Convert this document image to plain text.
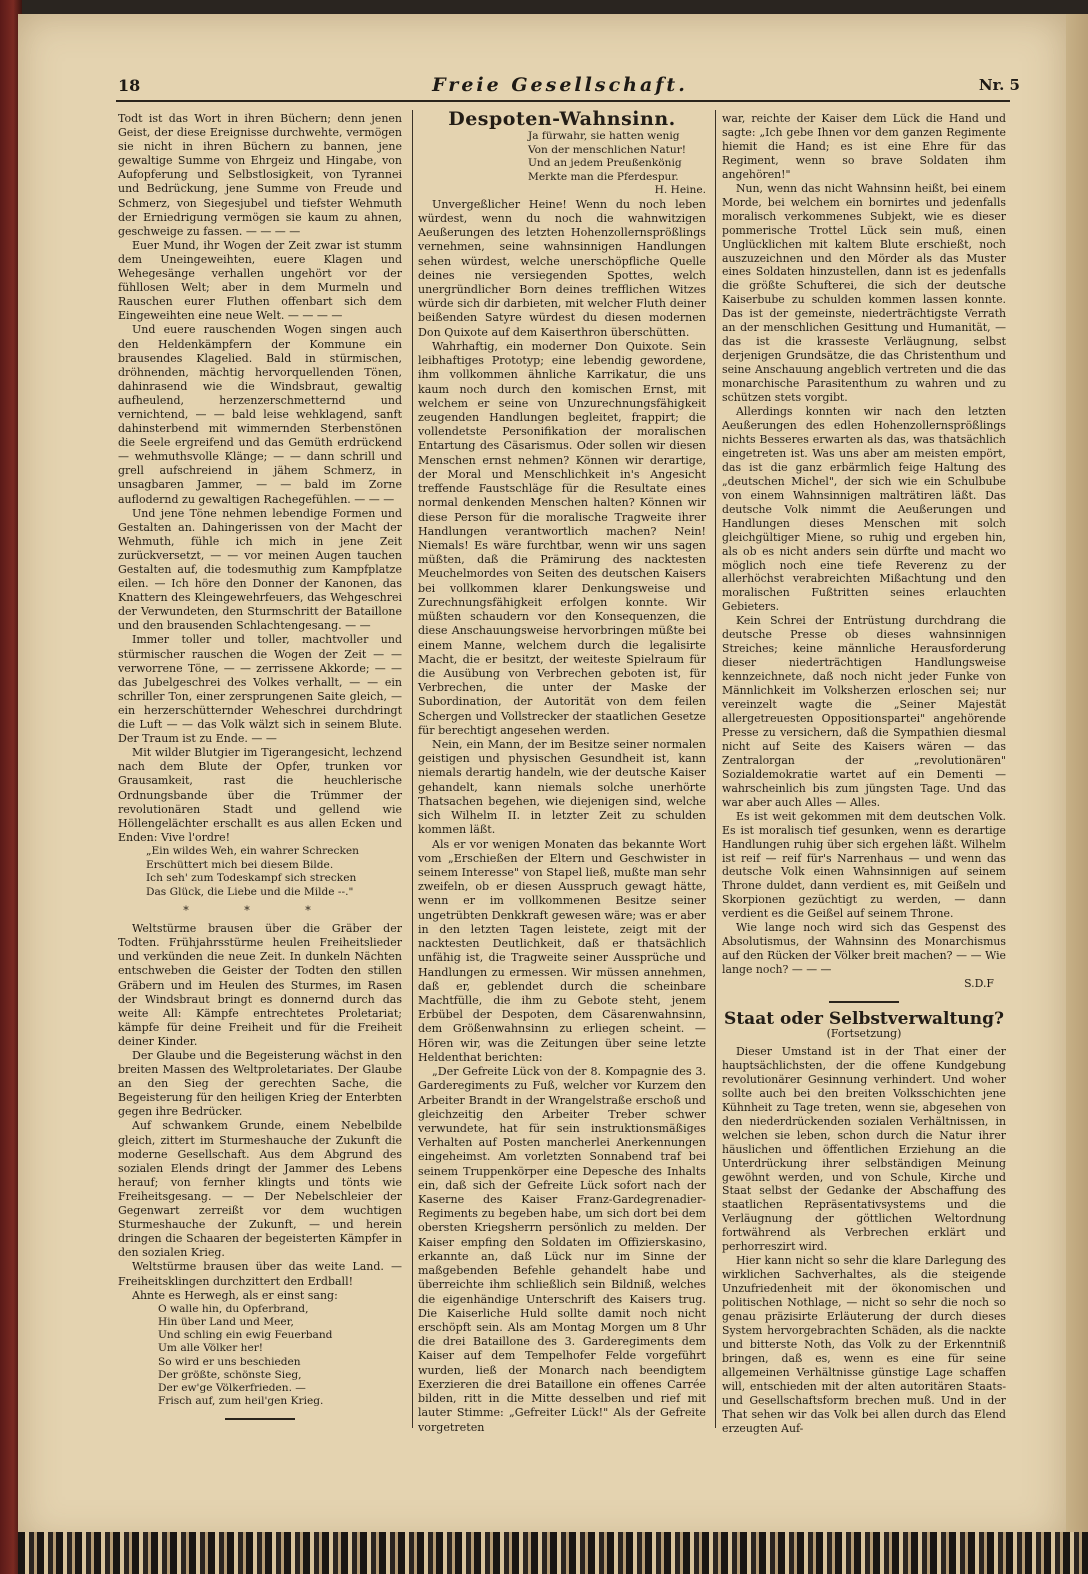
18	Freie Gesellschaft.	Nr. 5

Todt ist das Wort in ihren Büchern; denn jenen Geist, der diese Ereignisse durchwehte, vermögen sie nicht in ihren Büchern zu bannen, jene gewaltige Summe von Ehrgeiz und Hingabe, von Aufopferung und Selbstlosigkeit, von Tyrannei und Bedrückung, jene Summe von Freude und Schmerz, von Siegesjubel und tiefster Wehmuth der Erniedrigung vermögen sie kaum zu ahnen, geschweige zu fassen. — — — —

Euer Mund, ihr Wogen der Zeit zwar ist stumm dem Uneingeweihten, euere Klagen und Wehegesänge verhallen ungehört vor der fühllosen Welt; aber in dem Murmeln und Rauschen eurer Fluthen offenbart sich dem Eingeweihten eine neue Welt. — — — —

Und euere rauschenden Wogen singen auch den Heldenkämpfern der Kommune ein brausendes Klagelied. Bald in stürmischen, dröhnenden, mächtig hervorquellenden Tönen, dahinrasend wie die Windsbraut, gewaltig aufheulend, herzenzerschmetternd und vernichtend, — — bald leise wehklagend, sanft dahinsterbend mit wimmernden Sterbenstönen die Seele ergreifend und das Gemüth erdrückend — wehmuthsvolle Klänge; — — dann schrill und grell aufschreiend in jähem Schmerz, in unsagbaren Jammer, — — bald im Zorne auflodernd zu gewaltigen Rachegefühlen. — — —

Und jene Töne nehmen lebendige Formen und Gestalten an. Dahingerissen von der Macht der Wehmuth, fühle ich mich in jene Zeit zurückversetzt, — — vor meinen Augen tauchen Gestalten auf, die todesmuthig zum Kampfplatze eilen. — Ich höre den Donner der Kanonen, das Knattern des Kleingewehrfeuers, das Wehgeschrei der Verwundeten, den Sturmschritt der Bataillone und den brausenden Schlachtengesang. — —

Immer toller und toller, machtvoller und stürmischer rauschen die Wogen der Zeit — — verworrene Töne, — — zerrissene Akkorde; — — das Jubelgeschrei des Volkes verhallt, — — ein schriller Ton, einer zersprungenen Saite gleich, — ein herzerschütternder Weheschrei durchdringt die Luft — — das Volk wälzt sich in seinem Blute. Der Traum ist zu Ende. — —

Mit wilder Blutgier im Tigerangesicht, lechzend nach dem Blute der Opfer, trunken vor Grausamkeit, rast die heuchlerische Ordnungsbande über die Trümmer der revolutionären Stadt und gellend wie Höllengelächter erschallt es aus allen Ecken und Enden: Vive l'ordre!

„Ein wildes Weh, ein wahrer Schrecken
Erschüttert mich bei diesem Bilde.
Ich seh' zum Todeskampf sich strecken
Das Glück, die Liebe und die Milde --."
* * *

Weltstürme brausen über die Gräber der Todten. Frühjahrsstürme heulen Freiheitslieder und verkünden die neue Zeit. In dunkeln Nächten entschweben die Geister der Todten den stillen Gräbern und im Heulen des Sturmes, im Rasen der Windsbraut bringt es donnernd durch das weite All: Kämpfe entrechtetes Proletariat; kämpfe für deine Freiheit und für die Freiheit deiner Kinder.

Der Glaube und die Begeisterung wächst in den breiten Massen des Weltproletariates. Der Glaube an den Sieg der gerechten Sache, die Begeisterung für den heiligen Krieg der Enterbten gegen ihre Bedrücker.

Auf schwankem Grunde, einem Nebelbilde gleich, zittert im Sturmeshauche der Zukunft die moderne Gesellschaft. Aus dem Abgrund des sozialen Elends dringt der Jammer des Lebens herauf; von fernher klingts und tönts wie Freiheitsgesang. — — Der Nebelschleier der Gegenwart zerreißt vor dem wuchtigen Sturmeshauche der Zukunft, — und herein dringen die Schaaren der begeisterten Kämpfer in den sozialen Krieg.

Weltstürme brausen über das weite Land. — Freiheitsklingen durchzittert den Erdball!

Ahnte es Herwegh, als er einst sang:

O walle hin, du Opferbrand,
Hin über Land und Meer,
Und schling ein ewig Feuerband
Um alle Völker her!
So wird er uns beschieden
Der größte, schönste Sieg,
Der ew'ge Völkerfrieden. —
Frisch auf, zum heil'gen Krieg.
Despoten-Wahnsinn.
Ja fürwahr, sie hatten wenig
Von der menschlichen Natur!
Und an jedem Preußenkönig
Merkte man die Pferdespur.
H. Heine.

Unvergeßlicher Heine! Wenn du noch leben würdest, wenn du noch die wahnwitzigen Aeußerungen des letzten Hohenzollernsprößlings vernehmen, seine wahnsinnigen Handlungen sehen würdest, welche unerschöpfliche Quelle deines nie versiegenden Spottes, welch unergründlicher Born deines trefflichen Witzes würde sich dir darbieten, mit welcher Fluth deiner beißenden Satyre würdest du diesen modernen Don Quixote auf dem Kaiserthron überschütten.

Wahrhaftig, ein moderner Don Quixote. Sein leibhaftiges Prototyp; eine lebendig gewordene, ihm vollkommen ähnliche Karrikatur, die uns kaum noch durch den komischen Ernst, mit welchem er seine von Unzurechnungsfähigkeit zeugenden Handlungen begleitet, frappirt; die vollendetste Personifikation der moralischen Entartung des Cäsarismus. Oder sollen wir diesen Menschen ernst nehmen? Können wir derartige, der Moral und Menschlichkeit in's Angesicht treffende Faustschläge für die Resultate eines normal denkenden Menschen halten? Können wir diese Person für die moralische Tragweite ihrer Handlungen verantwortlich machen? Nein! Niemals! Es wäre furchtbar, wenn wir uns sagen müßten, daß die Prämirung des nacktesten Meuchelmordes von Seiten des deutschen Kaisers bei vollkommen klarer Denkungsweise und Zurechnungsfähigkeit erfolgen konnte. Wir müßten schaudern vor den Konsequenzen, die diese Anschauungsweise hervorbringen müßte bei einem Manne, welchem durch die legalisirte Macht, die er besitzt, der weiteste Spielraum für die Ausübung von Verbrechen geboten ist, für Verbrechen, die unter der Maske der Subordination, der Autorität von dem feilen Schergen und Vollstrecker der staatlichen Gesetze für berechtigt angesehen werden.

Nein, ein Mann, der im Besitze seiner normalen geistigen und physischen Gesundheit ist, kann niemals derartig handeln, wie der deutsche Kaiser gehandelt, kann niemals solche unerhörte Thatsachen begehen, wie diejenigen sind, welche sich Wilhelm II. in letzter Zeit zu schulden kommen läßt.

Als er vor wenigen Monaten das bekannte Wort vom „Erschießen der Eltern und Geschwister in seinem Interesse" von Stapel ließ, mußte man sehr zweifeln, ob er diesen Ausspruch gewagt hätte, wenn er im vollkommenen Besitze seiner ungetrübten Denkkraft gewesen wäre; was er aber in den letzten Tagen leistete, zeigt mit der nacktesten Deutlichkeit, daß er thatsächlich unfähig ist, die Tragweite seiner Aussprüche und Handlungen zu ermessen. Wir müssen annehmen, daß er, geblendet durch die scheinbare Machtfülle, die ihm zu Gebote steht, jenem Erbübel der Despoten, dem Cäsarenwahnsinn, dem Größenwahnsinn zu erliegen scheint. — Hören wir, was die Zeitungen über seine letzte Heldenthat berichten:

„Der Gefreite Lück von der 8. Kompagnie des 3. Garderegiments zu Fuß, welcher vor Kurzem den Arbeiter Brandt in der Wrangelstraße erschoß und gleichzeitig den Arbeiter Treber schwer verwundete, hat für sein instruktionsmäßiges Verhalten auf Posten mancherlei Anerkennungen eingeheimst. Am vorletzten Sonnabend traf bei seinem Truppenkörper eine Depesche des Inhalts ein, daß sich der Gefreite Lück sofort nach der Kaserne des Kaiser Franz-Gardegrenadier-Regiments zu begeben habe, um sich dort bei dem obersten Kriegsherrn persönlich zu melden. Der Kaiser empfing den Soldaten im Offizierskasino, erkannte an, daß Lück nur im Sinne der maßgebenden Befehle gehandelt habe und überreichte ihm schließlich sein Bildniß, welches die eigenhändige Unterschrift des Kaisers trug. Die Kaiserliche Huld sollte damit noch nicht erschöpft sein. Als am Montag Morgen um 8 Uhr die drei Bataillone des 3. Garderegiments dem Kaiser auf dem Tempelhofer Felde vorgeführt wurden, ließ der Monarch nach beendigtem Exerzieren die drei Bataillone ein offenes Carrée bilden, ritt in die Mitte desselben und rief mit lauter Stimme: „Gefreiter Lück!" Als der Gefreite vorgetreten

war, reichte der Kaiser dem Lück die Hand und sagte: „Ich gebe Ihnen vor dem ganzen Regimente hiemit die Hand; es ist eine Ehre für das Regiment, wenn so brave Soldaten ihm angehören!"

Nun, wenn das nicht Wahnsinn heißt, bei einem Morde, bei welchem ein bornirtes und jedenfalls moralisch verkommenes Subjekt, wie es dieser pommerische Trottel Lück sein muß, einen Unglücklichen mit kaltem Blute erschießt, noch auszuzeichnen und den Mörder als das Muster eines Soldaten hinzustellen, dann ist es jedenfalls die größte Schufterei, die sich der deutsche Kaiserbube zu schulden kommen lassen konnte. Das ist der gemeinste, niederträchtigste Verrath an der menschlichen Gesittung und Humanität, — das ist die krasseste Verläugnung, selbst derjenigen Grundsätze, die das Christenthum und seine Anschauung angeblich vertreten und die das monarchische Parasitenthum zu wahren und zu schützen stets vorgibt.

Allerdings konnten wir nach den letzten Aeußerungen des edlen Hohenzollernsprößlings nichts Besseres erwarten als das, was thatsächlich eingetreten ist. Was uns aber am meisten empört, das ist die ganz erbärmlich feige Haltung des „deutschen Michel", der sich wie ein Schulbube von einem Wahnsinnigen malträtiren läßt. Das deutsche Volk nimmt die Aeußerungen und Handlungen dieses Menschen mit solch gleichgültiger Miene, so ruhig und ergeben hin, als ob es nicht anders sein dürfte und macht wo möglich noch eine tiefe Reverenz zu der allerhöchst verabreichten Mißachtung und den moralischen Fußtritten seines erlauchten Gebieters.

Kein Schrei der Entrüstung durchdrang die deutsche Presse ob dieses wahnsinnigen Streiches; keine männliche Herausforderung dieser niederträchtigen Handlungsweise kennzeichnete, daß noch nicht jeder Funke von Männlichkeit im Volksherzen erloschen sei; nur vereinzelt wagte die „Seiner Majestät allergetreuesten Oppositionspartei" angehörende Presse zu versichern, daß die Sympathien diesmal nicht auf Seite des Kaisers wären — das Zentralorgan der „revolutionären" Sozialdemokratie wartet auf ein Dementi — wahrscheinlich bis zum jüngsten Tage. Und das war aber auch Alles — Alles.

Es ist weit gekommen mit dem deutschen Volk. Es ist moralisch tief gesunken, wenn es derartige Handlungen ruhig über sich ergehen läßt. Wilhelm ist reif — reif für's Narrenhaus — und wenn das deutsche Volk einen Wahnsinnigen auf seinem Throne duldet, dann verdient es, mit Geißeln und Skorpionen gezüchtigt zu werden, — dann verdient es die Geißel auf seinem Throne.

Wie lange noch wird sich das Gespenst des Absolutismus, der Wahnsinn des Monarchismus auf den Rücken der Völker breit machen? — — Wie lange noch? — — —

S.D.F
Staat oder Selbstverwaltung?
(Fortsetzung)

Dieser Umstand ist in der That einer der hauptsächlichsten, der die offene Kundgebung revolutionärer Gesinnung verhindert. Und woher sollte auch bei den breiten Volksschichten jene Kühnheit zu Tage treten, wenn sie, abgesehen von den niederdrückenden sozialen Verhältnissen, in welchen sie leben, schon durch die Natur ihrer häuslichen und öffentlichen Erziehung an die Unterdrückung ihrer selbständigen Meinung gewöhnt werden, und von Schule, Kirche und Staat selbst der Gedanke der Abschaffung des staatlichen Repräsentativsystems und die Verläugnung der göttlichen Weltordnung fortwährend als Verbrechen erklärt und perhorreszirt wird.

Hier kann nicht so sehr die klare Darlegung des wirklichen Sachverhaltes, als die steigende Unzufriedenheit mit der ökonomischen und politischen Nothlage, — nicht so sehr die noch so genau präzisirte Erläuterung der durch dieses System hervorgebrachten Schäden, als die nackte und bitterste Noth, das Volk zu der Erkenntniß bringen, daß es, wenn es eine für seine allgemeinen Verhältnisse günstige Lage schaffen will, entschieden mit der alten autoritären Staats- und Gesellschaftsform brechen muß. Und in der That sehen wir das Volk bei allen durch das Elend erzeugten Auf-
